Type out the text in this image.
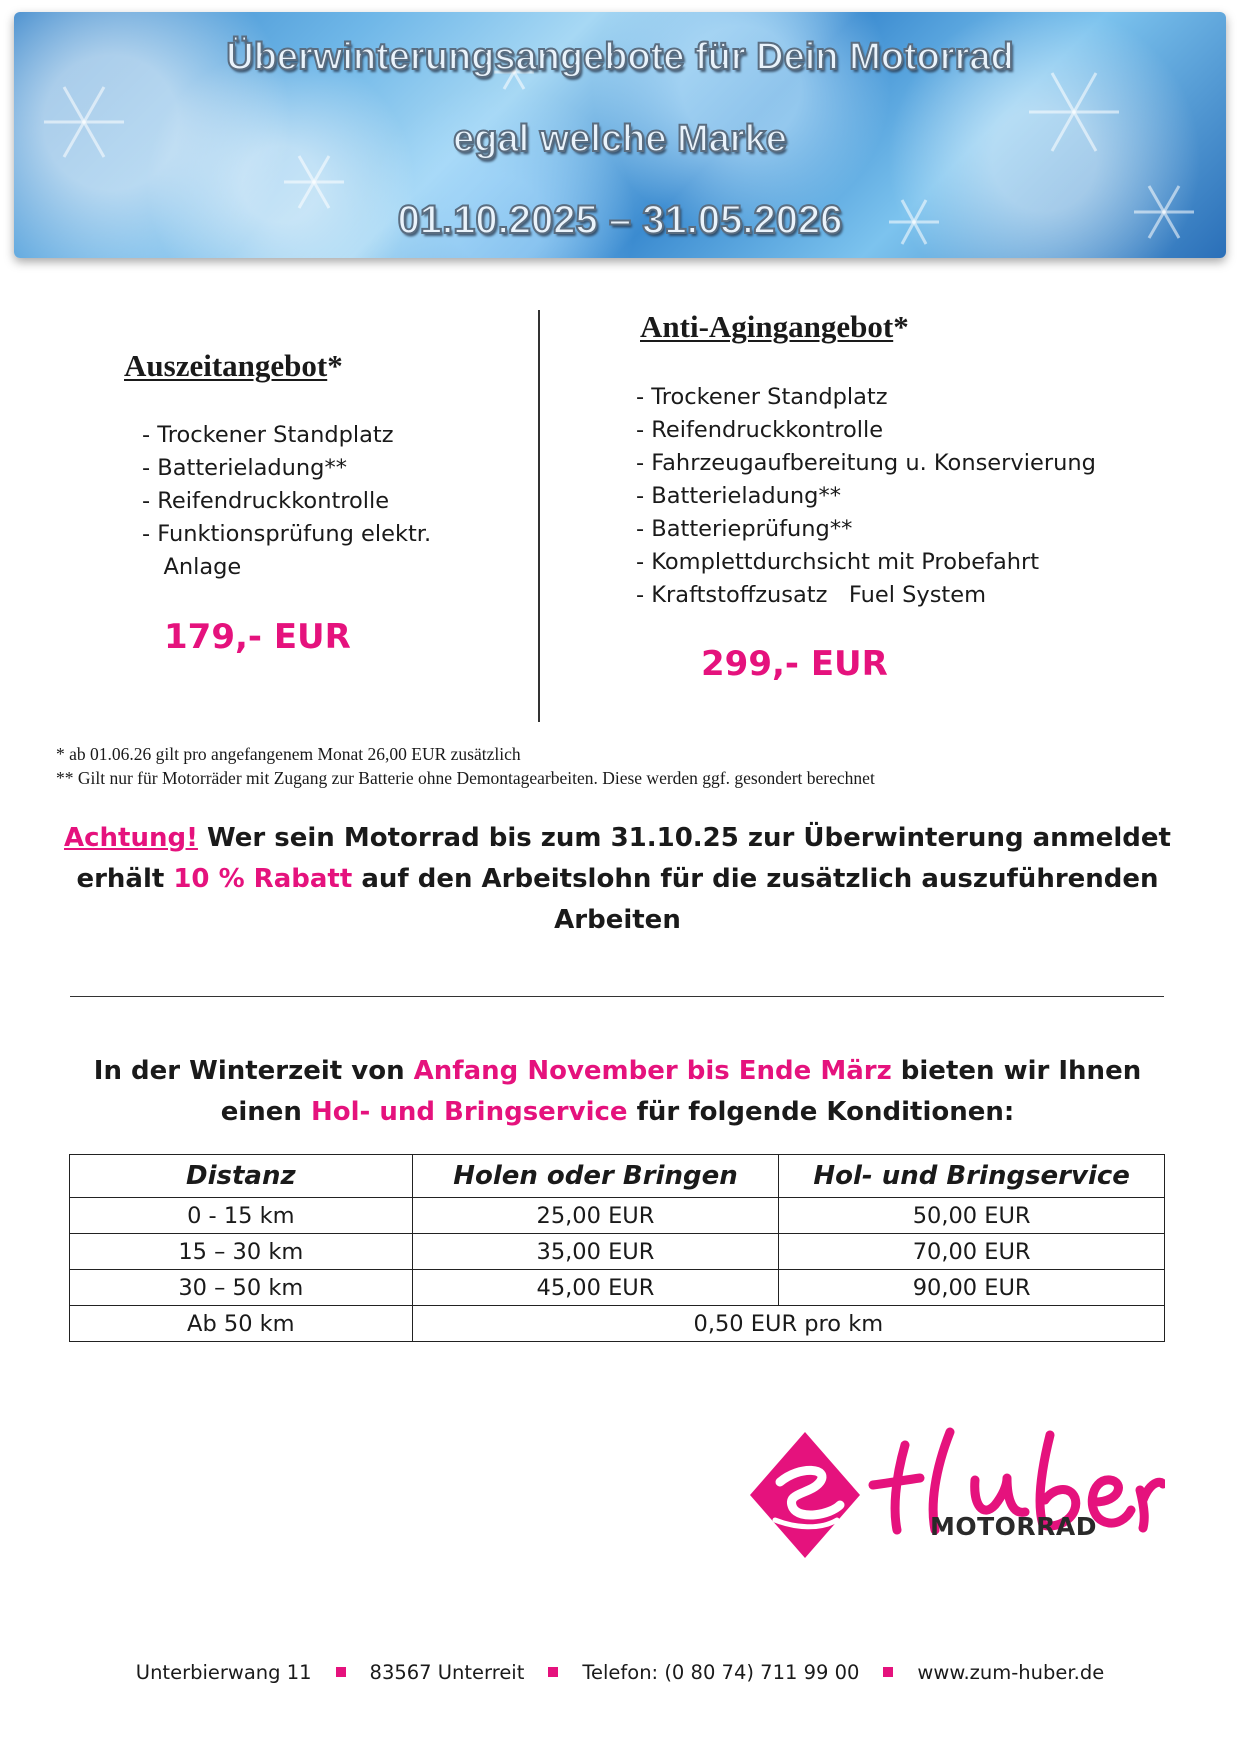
Überwinterungsangebote für Dein Motorrad
egal welche Marke
01.10.2025 – 31.05.2026
Auszeitangebot*
- Trockener Standplatz
- Batterieladung**
- Reifendruckkontrolle
- Funktionsprüfung elektr.
Anlage
179,- EUR
Anti-Agingangebot*
- Trockener Standplatz
- Reifendruckkontrolle
- Fahrzeugaufbereitung u. Konservierung
- Batterieladung**
- Batterieprüfung**
- Komplettdurchsicht mit Probefahrt
- Kraftstoffzusatz   Fuel System
299,- EUR
* ab 01.06.26 gilt pro angefangenem Monat 26,00 EUR zusätzlich
** Gilt nur für Motorräder mit Zugang zur Batterie ohne Demontagearbeiten. Diese werden ggf. gesondert berechnet
Achtung! Wer sein Motorrad bis zum 31.10.25 zur Überwinterung anmeldet erhält 10 % Rabatt auf den Arbeitslohn für die zusätzlich auszuführenden Arbeiten
In der Winterzeit von Anfang November bis Ende März bieten wir Ihnen einen Hol- und Bringservice für folgende Konditionen:
Distanz	Holen oder Bringen	Hol- und Bringservice
0 - 15 km	25,00 EUR	50,00 EUR
15 – 30 km	35,00 EUR	70,00 EUR
30 – 50 km	45,00 EUR	90,00 EUR
Ab 50 km	0,50 EUR pro km	
MOTORRAD
Unterbierwang 11	83567 Unterreit	Telefon: (0 80 74) 711 99 00	www.zum-huber.de
